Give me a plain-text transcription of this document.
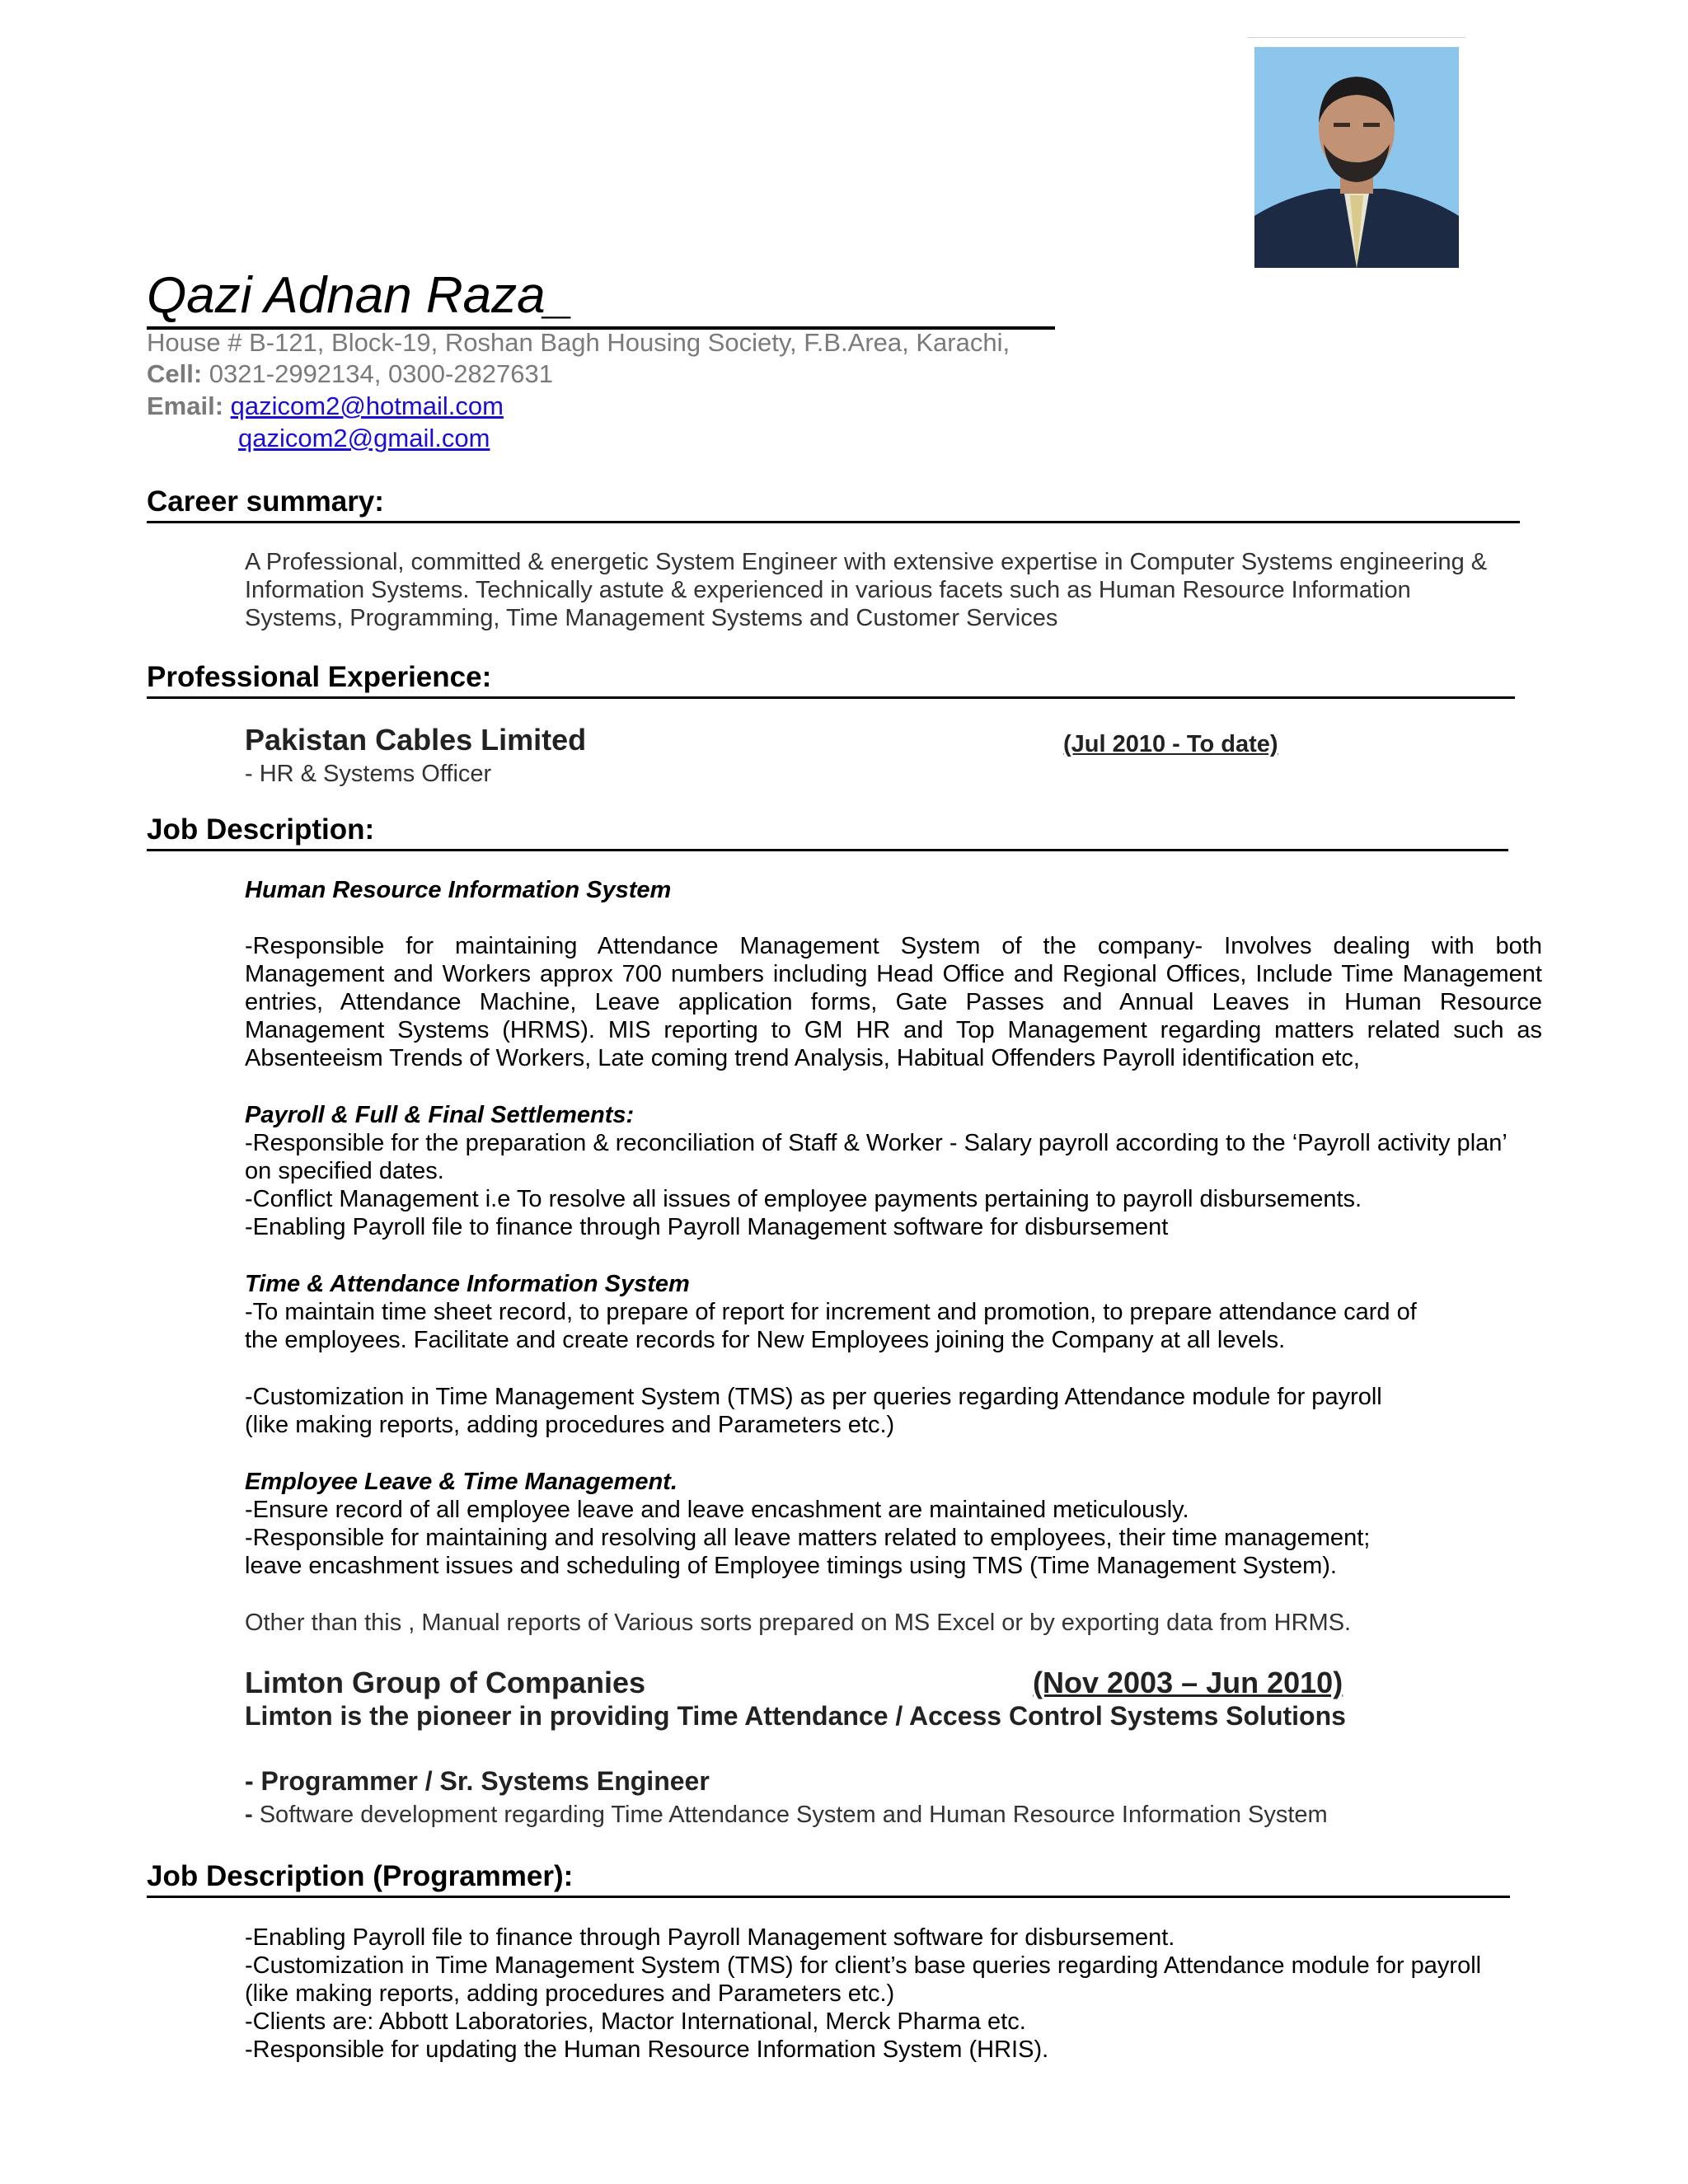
Qazi Adnan Raza_
House # B-121, Block-19, Roshan Bagh Housing Society, F.B.Area, Karachi,
Cell: 0321-2992134, 0300-2827631
Email: qazicom2@hotmail.com
qazicom2@gmail.com
Career summary:
A Professional, committed & energetic System Engineer with extensive expertise in Computer Systems engineering &
Information Systems. Technically astute & experienced in various facets such as Human Resource Information
Systems, Programming, Time Management Systems and Customer Services
Professional Experience:
Pakistan Cables Limited	(Jul 2010 - To date)
- HR & Systems Officer
Job Description:
Human Resource Information System
-Responsible for maintaining Attendance Management System of the company- Involves dealing with both
Management and Workers approx 700 numbers including Head Office and Regional Offices, Include Time Management
entries, Attendance Machine, Leave application forms, Gate Passes and Annual Leaves in Human Resource
Management Systems (HRMS). MIS reporting to GM HR and Top Management regarding matters related such as
Absenteeism Trends of Workers, Late coming trend Analysis, Habitual Offenders Payroll identification etc,
Payroll & Full & Final Settlements:
-Responsible for the preparation & reconciliation of Staff & Worker - Salary payroll according to the ‘Payroll activity plan’
on specified dates.
-Conflict Management i.e To resolve all issues of employee payments pertaining to payroll disbursements.
-Enabling Payroll file to finance through Payroll Management software for disbursement
Time & Attendance Information System
-To maintain time sheet record, to prepare of report for increment and promotion, to prepare attendance card of
the employees. Facilitate and create records for New Employees joining the Company at all levels.
-Customization in Time Management System (TMS) as per queries regarding Attendance module for payroll
(like making reports, adding procedures and Parameters etc.)
Employee Leave & Time Management.
-Ensure record of all employee leave and leave encashment are maintained meticulously.
-Responsible for maintaining and resolving all leave matters related to employees, their time management;
leave encashment issues and scheduling of Employee timings using TMS (Time Management System).
Other than this , Manual reports of Various sorts prepared on MS Excel or by exporting data from HRMS.
Limton Group of Companies	(Nov 2003 – Jun 2010)
Limton is the pioneer in providing Time Attendance / Access Control Systems Solutions
- Programmer / Sr. Systems Engineer
- Software development regarding Time Attendance System and Human Resource Information System
Job Description (Programmer):
-Enabling Payroll file to finance through Payroll Management software for disbursement.
-Customization in Time Management System (TMS) for client’s base queries regarding Attendance module for payroll
(like making reports, adding procedures and Parameters etc.)
-Clients are: Abbott Laboratories, Mactor International, Merck Pharma etc.
-Responsible for updating the Human Resource Information System (HRIS).
